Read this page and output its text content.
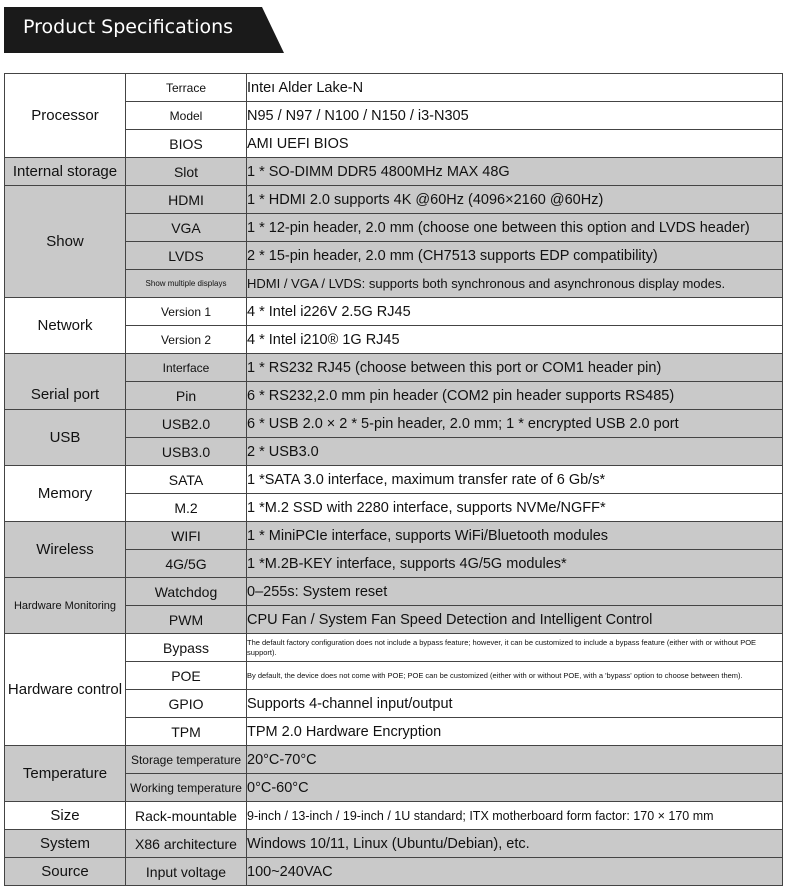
Product Specifications
Processor	Terrace	Inteı Alder Lake-N
	Model	N95 / N97 / N100 / N150 / i3-N305
	BIOS	AMI UEFI BIOS
Internal storage	Slot	1 * SO-DIMM DDR5 4800MHz MAX 48G
Show	HDMI	1 * HDMI 2.0 supports 4K @60Hz (4096×2160 @60Hz)
	VGA	1 * 12-pin header, 2.0 mm (choose one between this option and LVDS header)
	LVDS	2 * 15-pin header, 2.0 mm (CH7513 supports EDP compatibility)
	Show multiple displays	HDMI / VGA / LVDS: supports both synchronous and asynchronous display modes.
Network	Version 1	4 * Intel i226V 2.5G RJ45
	Version 2	4 * Intel i210® 1G RJ45
Serial port	Interface	1 * RS232 RJ45 (choose between this port or COM1 header pin)
	Pin	6 * RS232,2.0 mm pin header (COM2 pin header supports RS485)
USB	USB2.0	6 * USB 2.0 × 2 * 5-pin header, 2.0 mm; 1 * encrypted USB 2.0 port
	USB3.0	2 * USB3.0
Memory	SATA	1 *SATA 3.0 interface, maximum transfer rate of 6 Gb/s*
	M.2	1 *M.2 SSD with 2280 interface, supports NVMe/NGFF*
Wireless	WIFI	1 * MiniPCIe interface, supports WiFi/Bluetooth modules
	4G/5G	1 *M.2B-KEY interface, supports 4G/5G modules*
Hardware Monitoring	Watchdog	0–255s: System reset
	PWM	CPU Fan / System Fan Speed Detection and Intelligent Control
Hardware control	Bypass	The default factory configuration does not include a bypass feature; however, it can be customized to include a bypass feature (either with or without POE support).
	POE	By default, the device does not come with POE; POE can be customized (either with or without POE, with a 'bypass' option to choose between them).
	GPIO	Supports 4-channel input/output
	TPM	TPM 2.0 Hardware Encryption
Temperature	Storage temperature	20°C-70°C
	Working temperature	0°C-60°C
Size	Rack-mountable	9-inch / 13-inch / 19-inch / 1U standard; ITX motherboard form factor: 170 × 170 mm
System	X86 architecture	Windows 10/11, Linux (Ubuntu/Debian), etc.
Source	Input voltage	100~240VAC
